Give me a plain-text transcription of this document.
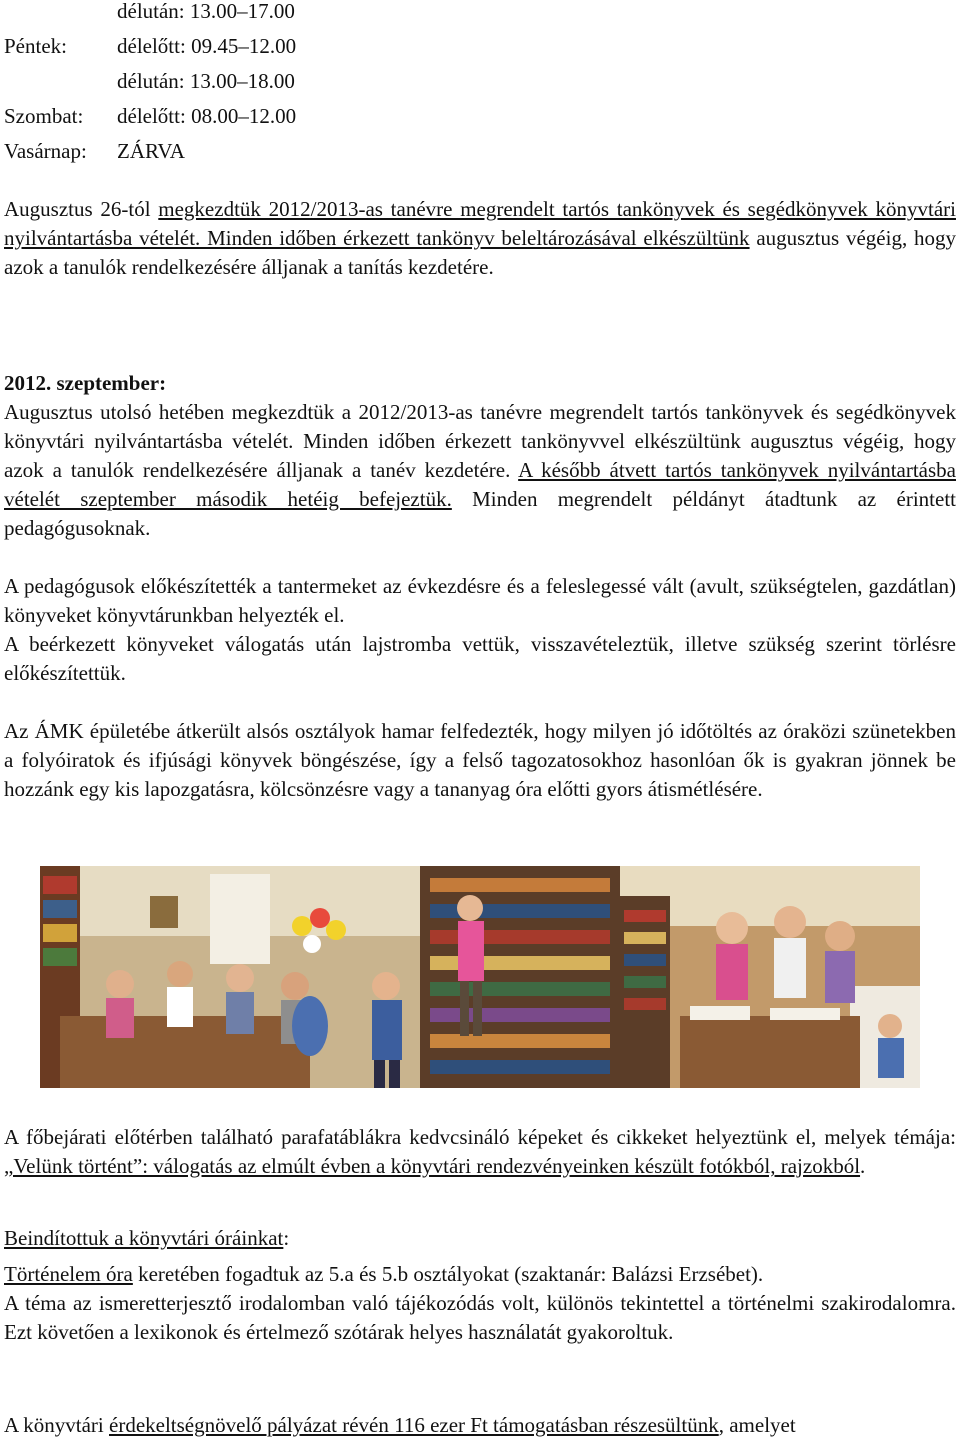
délután: 13.00–17.00
Péntek: délelőtt: 09.45–12.00
délután: 13.00–18.00
Szombat: délelőtt: 08.00–12.00
Vasárnap: ZÁRVA

Augusztus 26-tól megkezdtük 2012/2013-as tanévre megrendelt tartós tankönyvek és segédkönyvek könyvtári nyilvántartásba vételét. Minden időben érkezett tankönyv beleltározásával elkészültünk augusztus végéig, hogy azok a tanulók rendelkezésére álljanak a tanítás kezdetére.

2012. szeptember:

Augusztus utolsó hetében megkezdtük a 2012/2013-as tanévre megrendelt tartós tankönyvek és segédkönyvek könyvtári nyilvántartásba vételét. Minden időben érkezett tankönyvvel elkészültünk augusztus végéig, hogy azok a tanulók rendelkezésére álljanak a tanév kezdetére. A később átvett tartós tankönyvek nyilvántartásba vételét szeptember második hetéig befejeztük. Minden megrendelt példányt átadtunk az érintett pedagógusoknak.

A pedagógusok előkészítették a tantermeket az évkezdésre és a feleslegessé vált (avult, szükségtelen, gazdátlan) könyveket könyvtárunkban helyezték el.

A beérkezett könyveket válogatás után lajstromba vettük, visszavételeztük, illetve szükség szerint törlésre előkészítettük.

Az ÁMK épületébe átkerült alsós osztályok hamar felfedezték, hogy milyen jó időtöltés az óraközi szünetekben a folyóiratok és ifjúsági könyvek böngészése, így a felső tagozatosokhoz hasonlóan ők is gyakran jönnek be hozzánk egy kis lapozgatásra, kölcsönzésre vagy a tananyag óra előtti gyors átismétlésére.

A főbejárati előtérben található parafatáblákra kedvcsináló képeket és cikkeket helyeztünk el, melyek témája: „Velünk történt”: válogatás az elmúlt évben a könyvtári rendezvényeinken készült fotókból, rajzokból.

Beindítottuk a könyvtári óráinkat:

Történelem óra keretében fogadtuk az 5.a és 5.b osztályokat (szaktanár: Balázsi Erzsébet).

A téma az ismeretterjesztő irodalomban való tájékozódás volt, különös tekintettel a történelmi szakirodalomra. Ezt követően a lexikonok és értelmező szótárak helyes használatát gyakoroltuk.

A könyvtári érdekeltségnövelő pályázat révén 116 ezer Ft támogatásban részesültünk, amelyet
